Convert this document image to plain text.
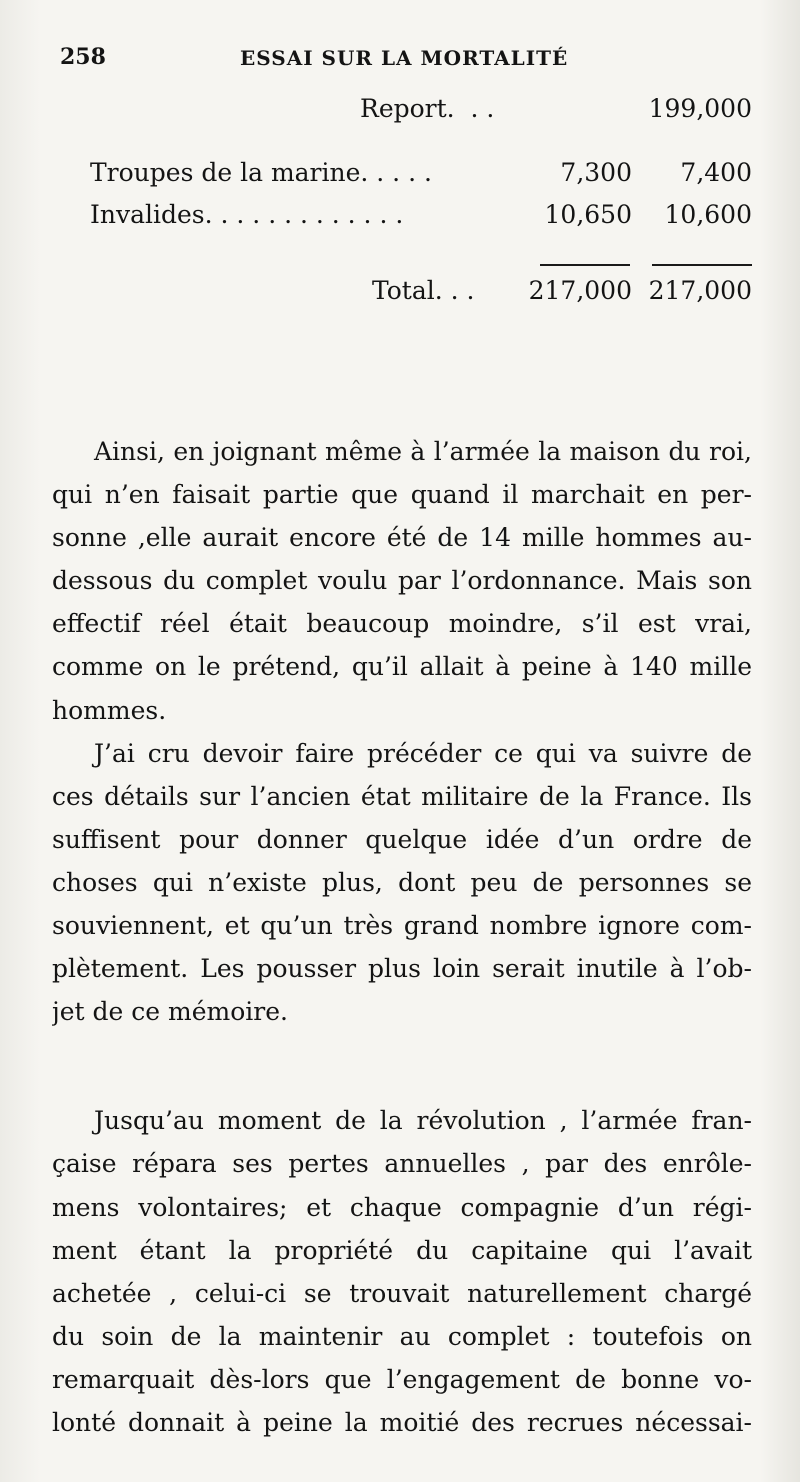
258	ESSAI SUR LA MORTALITÉ
Report.  . .	199,000
Troupes de la marine. . . . .	7,300 7,400
Invalides. . . . . . . . . . . . .	10,650 10,600
Total. . . 217,000 217,000

Ainsi, en joignant même à l’armée la maison du roi,
qui n’en faisait partie que quand il marchait en per-
sonne ,elle aurait encore été de 14 mille hommes au-
dessous du complet voulu par l’ordonnance. Mais son
effectif réel était beaucoup moindre, s’il est vrai,
comme on le prétend, qu’il allait à peine à 140 mille
hommes.

J’ai cru devoir faire précéder ce qui va suivre de
ces détails sur l’ancien état militaire de la France. Ils
suffisent pour donner quelque idée d’un ordre de
choses qui n’existe plus, dont peu de personnes se
souviennent, et qu’un très grand nombre ignore com-
plètement. Les pousser plus loin serait inutile à l’ob-
jet de ce mémoire.

Jusqu’au moment de la révolution , l’armée fran-
çaise répara ses pertes annuelles , par des enrôle-
mens volontaires; et chaque compagnie d’un régi-
ment étant la propriété du capitaine qui l’avait
achetée , celui-ci se trouvait naturellement chargé
du soin de la maintenir au complet : toutefois on
remarquait dès-lors que l’engagement de bonne vo-
lonté donnait à peine la moitié des recrues nécessai-
